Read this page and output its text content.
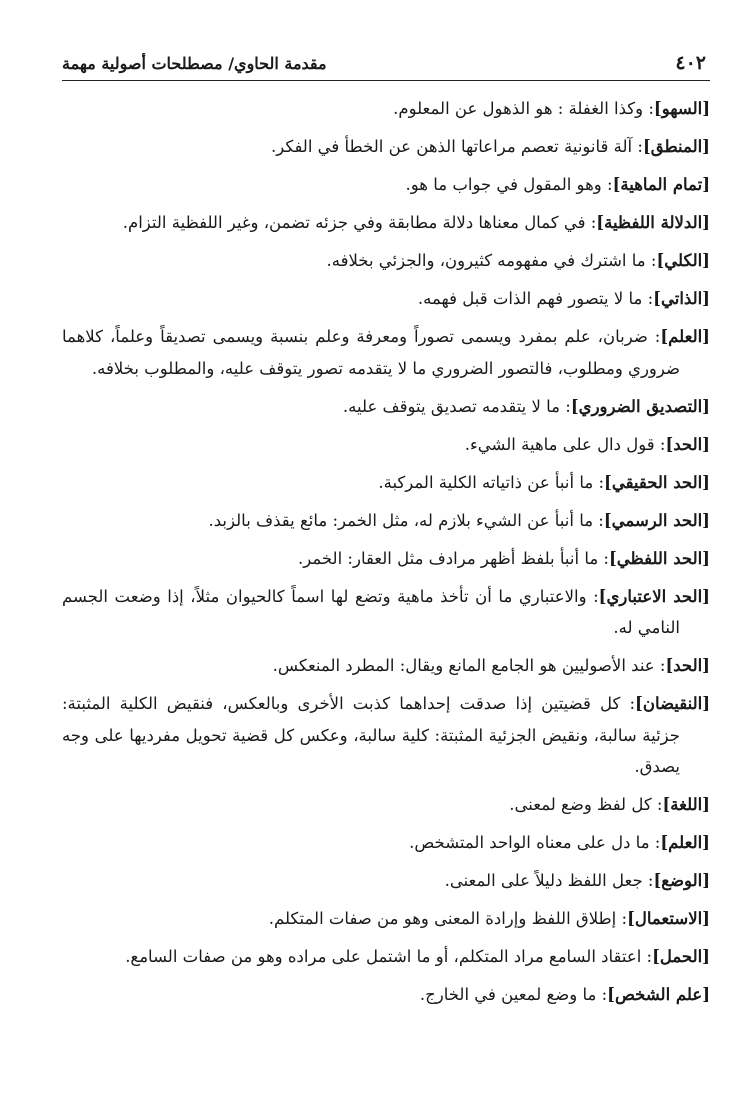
٤٠٢
مقدمة الحاوي/ مصطلحات أصولية مهمة

[السهو]: وكذا الغفلة : هو الذهول عن المعلوم.

[المنطق]: آلة قانونية تعصم مراعاتها الذهن عن الخطأ في الفكر.

[تمام الماهية]: وهو المقول في جواب ما هو.

[الدلالة اللفظية]: في كمال معناها دلالة مطابقة وفي جزئه تضمن، وغير اللفظية التزام.

[الكلي]: ما اشترك في مفهومه كثيرون، والجزئي بخلافه.

[الذاتي]: ما لا يتصور فهم الذات قبل فهمه.

[العلم]: ضربان، علم بمفرد ويسمى تصوراً ومعرفة وعلم بنسبة ويسمى تصديقاً وعلماً، كلاهما ضروري ومطلوب، فالتصور الضروري ما لا يتقدمه تصور يتوقف عليه، والمطلوب بخلافه.

[التصديق الضروري]: ما لا يتقدمه تصديق يتوقف عليه.

[الحد]: قول دال على ماهية الشيء.

[الحد الحقيقي]: ما أنبأ عن ذاتياته الكلية المركبة.

[الحد الرسمي]: ما أنبأ عن الشيء بلازم له، مثل الخمر: مائع يقذف بالزبد.

[الحد اللفظي]: ما أنبأ بلفظ أظهر مرادف مثل العقار: الخمر.

[الحد الاعتباري]: والاعتباري ما أن تأخذ ماهية وتضع لها اسماً كالحيوان مثلاً، إذا وضعت الجسم النامي له.

[الحد]: عند الأصوليين هو الجامع المانع ويقال: المطرد المنعكس.

[النقيضان]: كل قضيتين إذا صدقت إحداهما كذبت الأخرى وبالعكس، فنقيض الكلية المثبتة: جزئية سالبة، ونقيض الجزئية المثبتة: كلية سالبة، وعكس كل قضية تحويل مفرديها على وجه يصدق.

[اللغة]: كل لفظ وضع لمعنى.

[العلم]: ما دل على معناه الواحد المتشخص.

[الوضع]: جعل اللفظ دليلاً على المعنى.

[الاستعمال]: إطلاق اللفظ وإرادة المعنى وهو من صفات المتكلم.

[الحمل]: اعتقاد السامع مراد المتكلم، أو ما اشتمل على مراده وهو من صفات السامع.

[علم الشخص]: ما وضع لمعين في الخارج.
